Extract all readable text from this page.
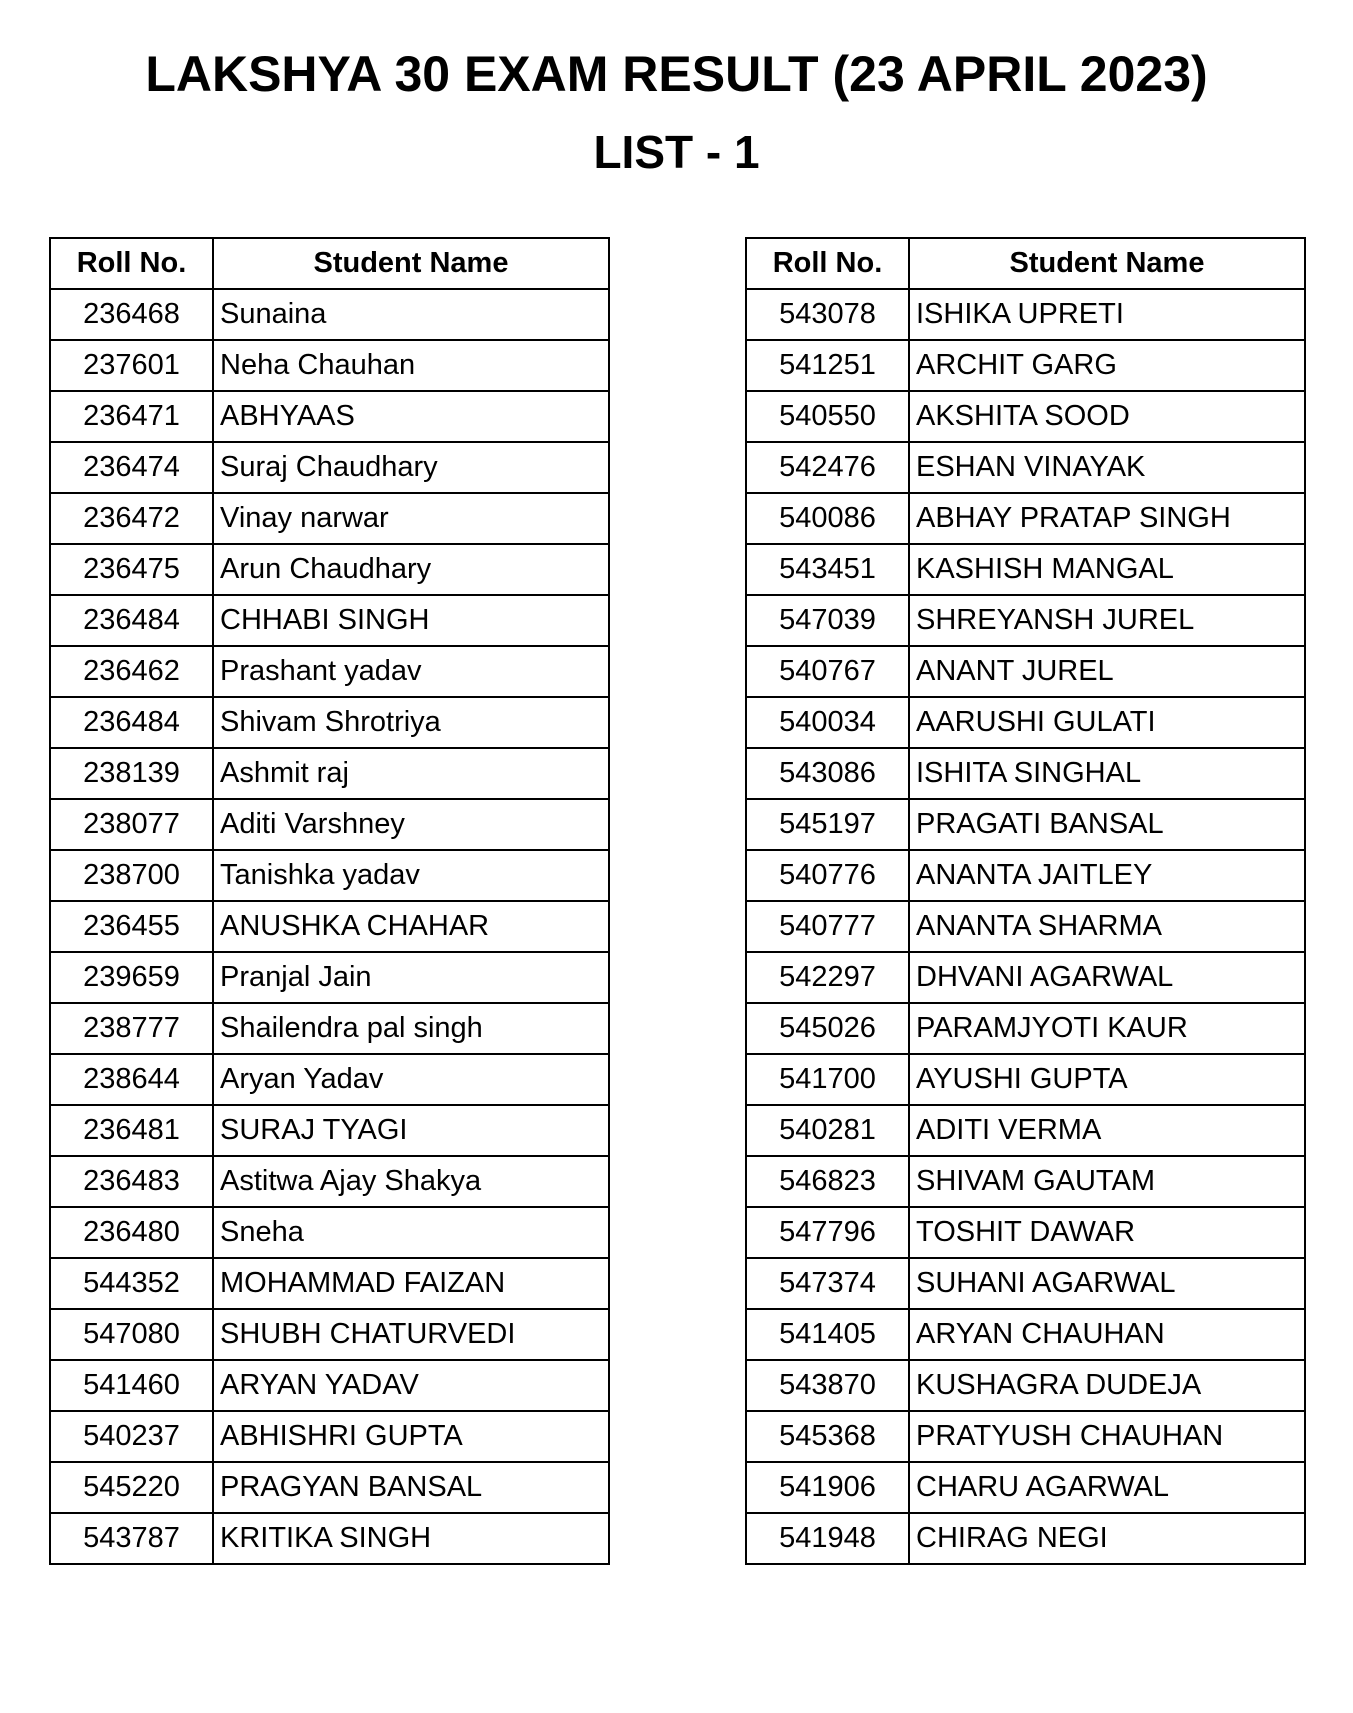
LAKSHYA 30 EXAM RESULT (23 APRIL 2023)
LIST - 1
Roll No.	Student Name
236468	Sunaina
237601	Neha Chauhan
236471	ABHYAAS
236474	Suraj Chaudhary
236472	Vinay narwar
236475	Arun Chaudhary
236484	CHHABI SINGH
236462	Prashant yadav
236484	Shivam Shrotriya
238139	Ashmit raj
238077	Aditi Varshney
238700	Tanishka yadav
236455	ANUSHKA CHAHAR
239659	Pranjal Jain
238777	Shailendra pal singh
238644	Aryan Yadav
236481	SURAJ TYAGI
236483	Astitwa Ajay Shakya
236480	Sneha
544352	MOHAMMAD FAIZAN
547080	SHUBH CHATURVEDI
541460	ARYAN YADAV
540237	ABHISHRI GUPTA
545220	PRAGYAN BANSAL
543787	KRITIKA SINGH
Roll No.	Student Name
543078	ISHIKA UPRETI
541251	ARCHIT GARG
540550	AKSHITA SOOD
542476	ESHAN VINAYAK
540086	ABHAY PRATAP SINGH
543451	KASHISH MANGAL
547039	SHREYANSH JUREL
540767	ANANT JUREL
540034	AARUSHI GULATI
543086	ISHITA SINGHAL
545197	PRAGATI BANSAL
540776	ANANTA JAITLEY
540777	ANANTA SHARMA
542297	DHVANI AGARWAL
545026	PARAMJYOTI KAUR
541700	AYUSHI GUPTA
540281	ADITI VERMA
546823	SHIVAM GAUTAM
547796	TOSHIT DAWAR
547374	SUHANI AGARWAL
541405	ARYAN CHAUHAN
543870	KUSHAGRA DUDEJA
545368	PRATYUSH CHAUHAN
541906	CHARU AGARWAL
541948	CHIRAG NEGI
